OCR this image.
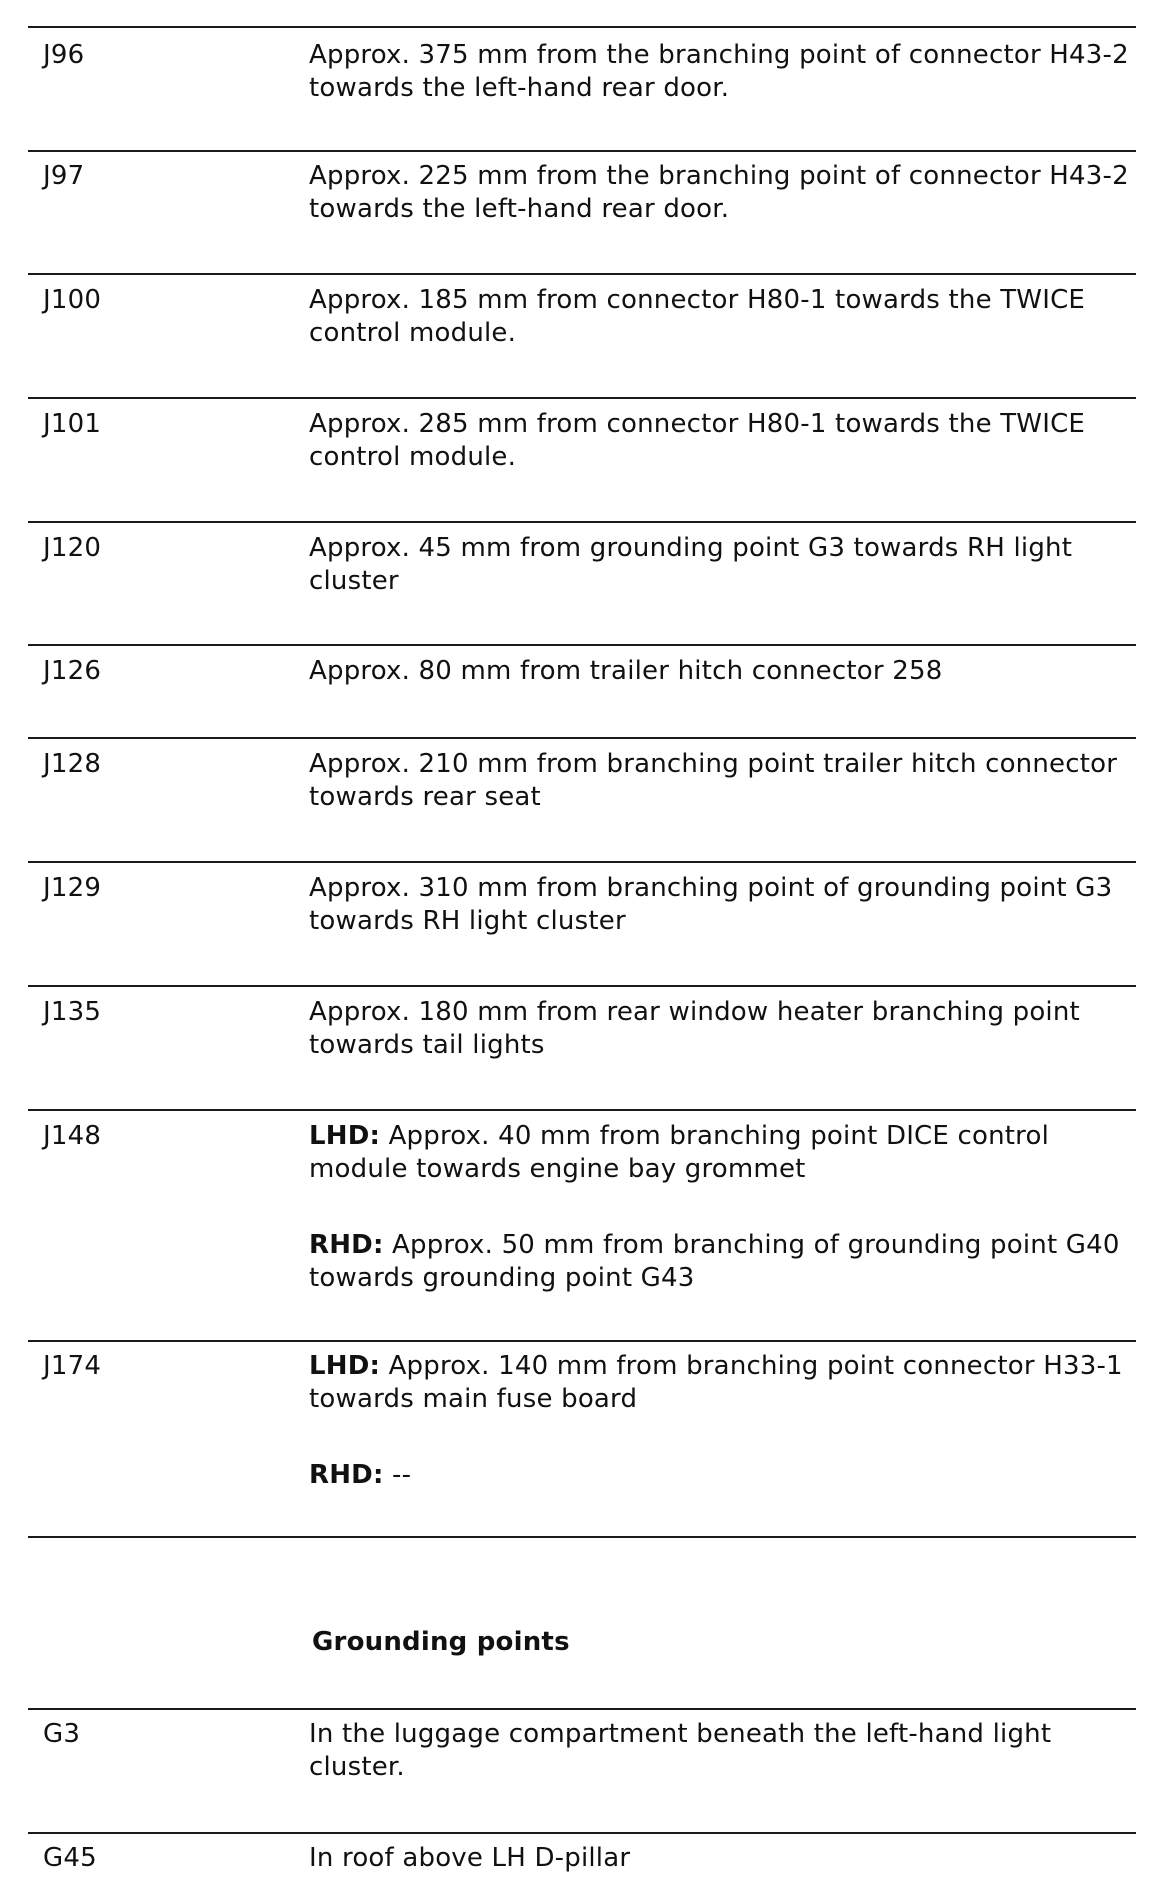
J96	Approx. 375 mm from the branching point of connector H43-2 towards the left-hand rear door.
J97	Approx. 225 mm from the branching point of connector H43-2 towards the left-hand rear door.
J100	Approx. 185 mm from connector H80-1 towards the TWICE control module.
J101	Approx. 285 mm from connector H80-1 towards the TWICE control module.
J120	Approx. 45 mm from grounding point G3 towards RH light cluster
J126	Approx. 80 mm from trailer hitch connector 258
J128	Approx. 210 mm from branching point trailer hitch connector towards rear seat
J129	Approx. 310 mm from branching point of grounding point G3 towards RH light cluster
J135	Approx. 180 mm from rear window heater branching point towards tail lights
J148	LHD: Approx. 40 mm from branching point DICE control module towards engine bay grommet

RHD: Approx. 50 mm from branching of grounding point G40 towards grounding point G43

J174	LHD: Approx. 140 mm from branching point connector H33-1 towards main fuse board

RHD: --

Grounding points
G3	In the luggage compartment beneath the left-hand light cluster.
G45	In roof above LH D-pillar
